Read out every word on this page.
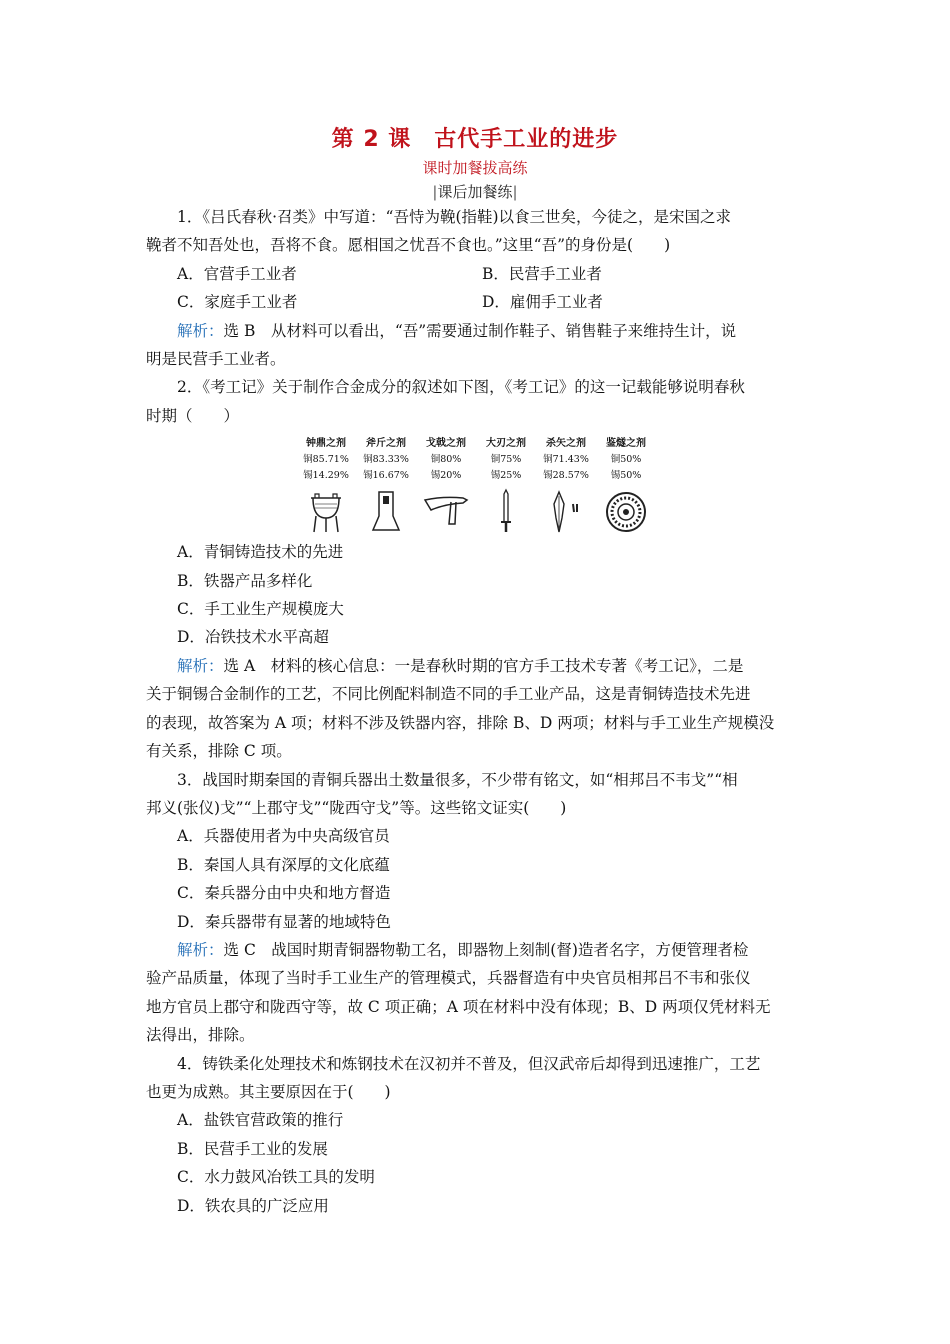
第 2 课　古代手工业的进步
课时加餐拔高练
|课后加餐练|

1．《吕氏春秋·召类》中写道：“吾恃为鞔(指鞋)以食三世矣，今徒之，是宋国之求
鞔者不知吾处也，吾将不食。愿相国之忧吾不食也。”这里“吾”的身份是(　　)

A．官营手工业者	B．民营手工业者
C．家庭手工业者	D．雇佣手工业者

解析：选 B　从材料可以看出，“吾”需要通过制作鞋子、销售鞋子来维持生计，说
明是民营手工业者。

2．《考工记》关于制作合金成分的叙述如下图，《考工记》的这一记载能够说明春秋
时期（　　）

钟鼎之剂
铜85.71%
锡14.29%
斧斤之剂
铜83.33%
锡16.67%
戈戟之剂
铜80%
锡20%
大刃之剂
铜75%
锡25%
杀矢之剂
铜71.43%
锡28.57%
鉴燧之剂
铜50%
锡50%
A．青铜铸造技术的先进
B．铁器产品多样化
C．手工业生产规模庞大
D．冶铁技术水平高超

解析：选 A　材料的核心信息：一是春秋时期的官方手工技术专著《考工记》，二是
关于铜锡合金制作的工艺，不同比例配料制造不同的手工业产品，这是青铜铸造技术先进
的表现，故答案为 A 项；材料不涉及铁器内容，排除 B、D 两项；材料与手工业生产规模没
有关系，排除 C 项。

3．战国时期秦国的青铜兵器出土数量很多，不少带有铭文，如“相邦吕不韦戈”“相
邦义(张仪)戈”“上郡守戈”“陇西守戈”等。这些铭文证实(　　)

A．兵器使用者为中央高级官员
B．秦国人具有深厚的文化底蕴
C．秦兵器分由中央和地方督造
D．秦兵器带有显著的地域特色

解析：选 C　战国时期青铜器物勒工名，即器物上刻制(督)造者名字，方便管理者检
验产品质量，体现了当时手工业生产的管理模式，兵器督造有中央官员相邦吕不韦和张仪
地方官员上郡守和陇西守等，故 C 项正确；A 项在材料中没有体现；B、D 两项仅凭材料无
法得出，排除。

4．铸铁柔化处理技术和炼钢技术在汉初并不普及，但汉武帝后却得到迅速推广，工艺
也更为成熟。其主要原因在于(　　)

A．盐铁官营政策的推行
B．民营手工业的发展
C．水力鼓风冶铁工具的发明
D．铁农具的广泛应用
